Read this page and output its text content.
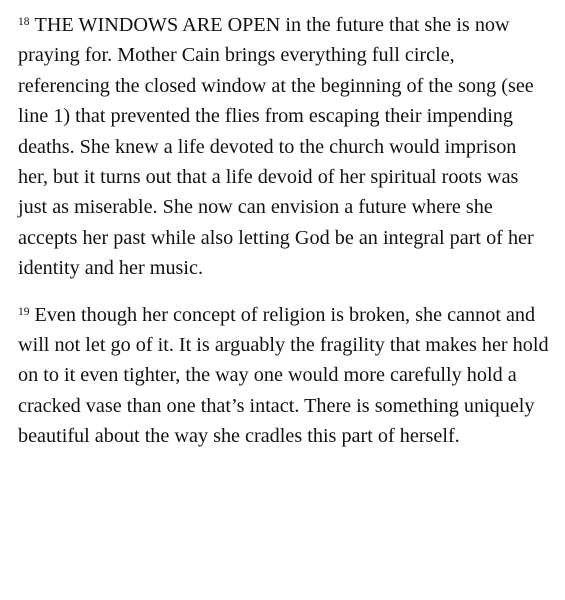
$^{18}$ THE WINDOWS ARE OPEN in the future that she is now praying for. Mother Cain brings everything full circle, referencing the closed window at the beginning of the song (see line 1) that prevented the flies from escaping their impending deaths. She knew a life devoted to the church would imprison her, but it turns out that a life devoid of her spiritual roots was just as miserable. She now can envision a future where she accepts her past while also letting God be an integral part of her identity and her music.

$^{19}$ Even though her concept of religion is broken, she cannot and will not let go of it. It is arguably the fragility that makes her hold on to it even tighter, the way one would more carefully hold a cracked vase than one that’s intact. There is something uniquely beautiful about the way she cradles this part of herself.
